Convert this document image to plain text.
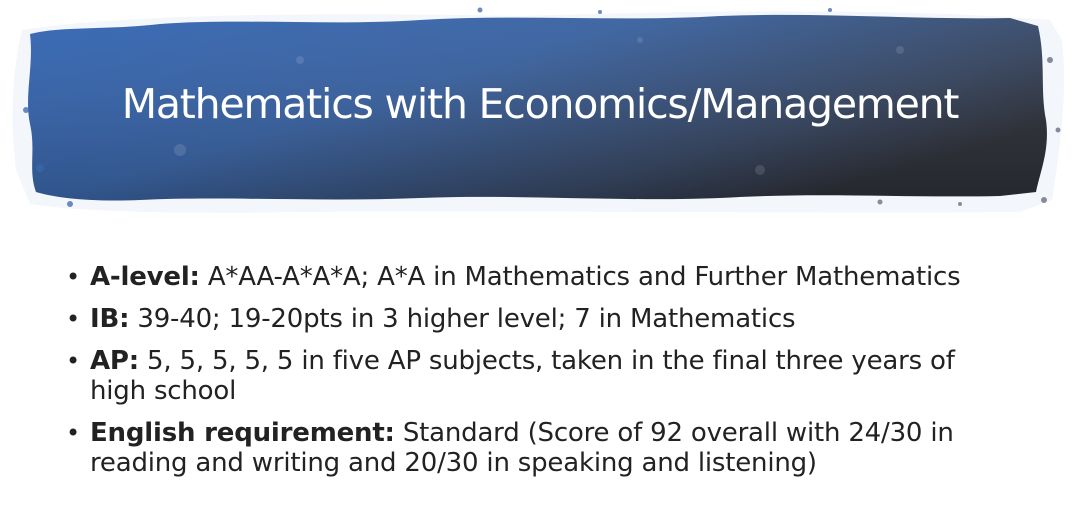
Mathematics with Economics/Management
• A-level: A*AA-A*A*A; A*A in Mathematics and Further Mathematics
• IB: 39-40; 19-20pts in 3 higher level; 7 in Mathematics
• AP: 5, 5, 5, 5, 5 in five AP subjects, taken in the final three years of high school
• English requirement: Standard (Score of 92 overall with 24/30 in reading and writing and 20/30 in speaking and listening)
